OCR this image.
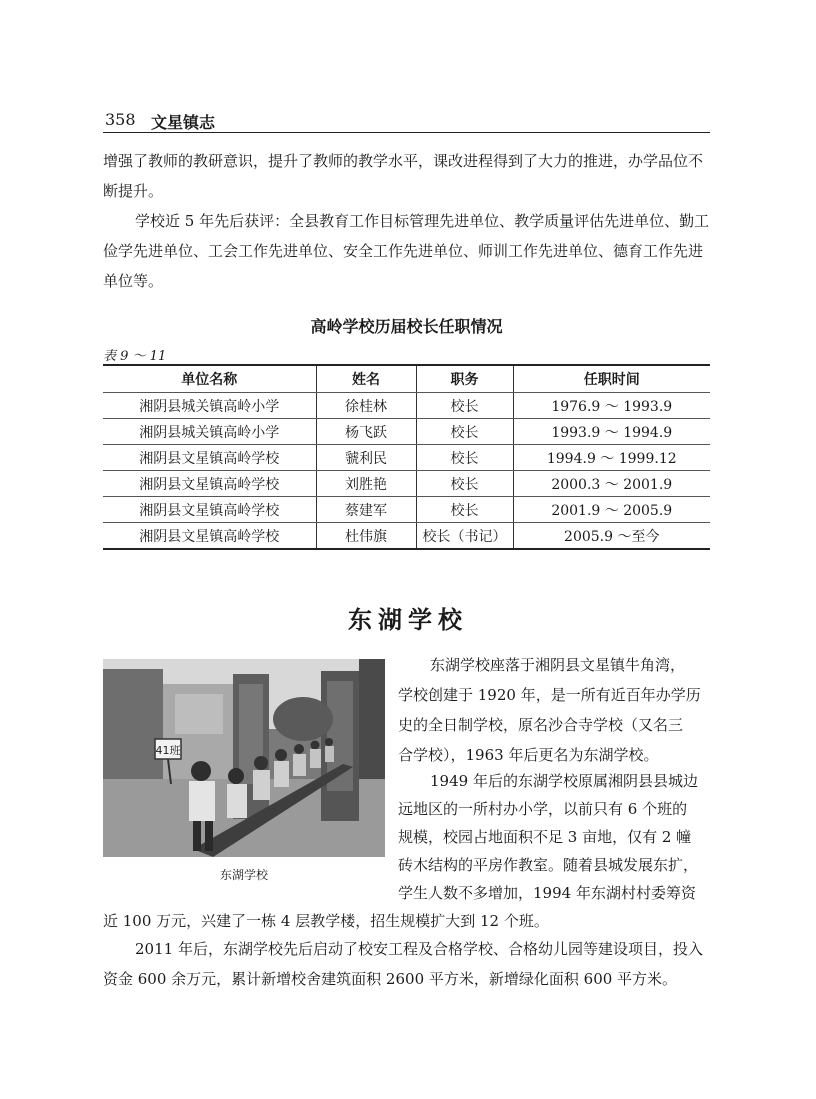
358 文星镇志

增强了教师的教研意识，提升了教师的教学水平，课改进程得到了大力的推进，办学品位不断提升。

学校近 5 年先后获评：全县教育工作目标管理先进单位、教学质量评估先进单位、勤工俭学先进单位、工会工作先进单位、安全工作先进单位、师训工作先进单位、德育工作先进单位等。

高岭学校历届校长任职情况
表 9 ～ 11
单位名称	姓名	职务	任职时间
湘阴县城关镇高岭小学	徐桂林	校长	1976.9 ～ 1993.9
湘阴县城关镇高岭小学	杨飞跃	校长	1993.9 ～ 1994.9
湘阴县文星镇高岭学校	虢利民	校长	1994.9 ～ 1999.12
湘阴县文星镇高岭学校	刘胜艳	校长	2000.3 ～ 2001.9
湘阴县文星镇高岭学校	蔡建军	校长	2001.9 ～ 2005.9
湘阴县文星镇高岭学校	杜伟旗	校长（书记）	2005.9 ～至今
东湖学校
41班
东湖学校

东湖学校座落于湘阴县文星镇牛角湾，

学校创建于 1920 年，是一所有近百年办学历

史的全日制学校，原名沙合寺学校（又名三

合学校），1963 年后更名为东湖学校。

1949 年后的东湖学校原属湘阴县县城边

远地区的一所村办小学，以前只有 6 个班的

规模，校园占地面积不足 3 亩地，仅有 2 幢

砖木结构的平房作教室。随着县城发展东扩，

学生人数不多增加，1994 年东湖村村委筹资

近 100 万元，兴建了一栋 4 层教学楼，招生规模扩大到 12 个班。

2011 年后，东湖学校先后启动了校安工程及合格学校、合格幼儿园等建设项目，投入资金 600 余万元，累计新增校舍建筑面积 2600 平方米，新增绿化面积 600 平方米。
